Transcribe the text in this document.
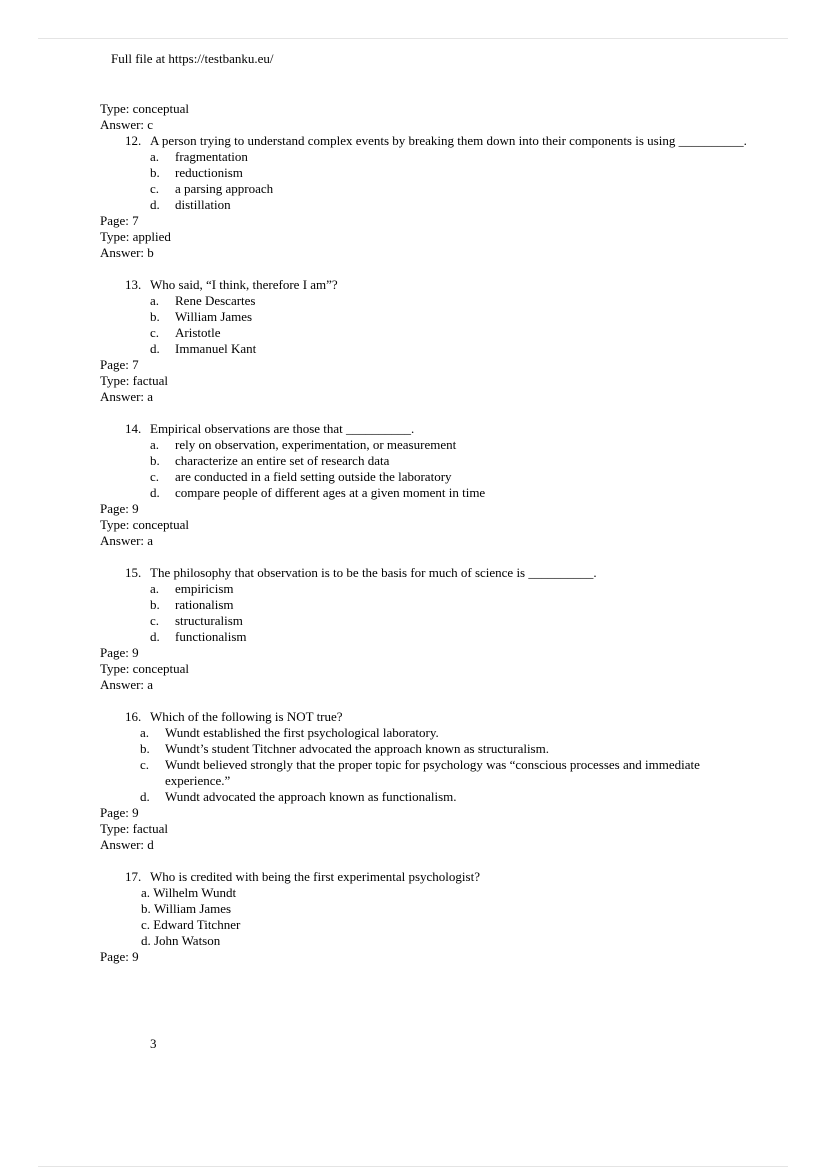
Full file at https://testbanku.eu/
Type: conceptual
Answer: c
12. A person trying to understand complex events by breaking them down into their components is using __________.
a.	fragmentation
b.	reductionism
c.	a parsing approach
d.	distillation
Page: 7
Type: applied
Answer: b
13. Who said, “I think, therefore I am”?
a.	Rene Descartes
b.	William James
c.	Aristotle
d.	Immanuel Kant
Page: 7
Type: factual
Answer: a
14. Empirical observations are those that __________.
a.	rely on observation, experimentation, or measurement
b.	characterize an entire set of research data
c.	are conducted in a field setting outside the laboratory
d.	compare people of different ages at a given moment in time
Page: 9
Type: conceptual
Answer: a
15. The philosophy that observation is to be the basis for much of science is __________.
a.	empiricism
b.	rationalism
c.	structuralism
d.	functionalism
Page: 9
Type: conceptual
Answer: a
16. Which of the following is NOT true?
a.	Wundt established the first psychological laboratory.
b.	Wundt’s student Titchner advocated the approach known as structuralism.
c.	Wundt believed strongly that the proper topic for psychology was “conscious processes and immediate experience.”
d.	Wundt advocated the approach known as functionalism.
Page: 9
Type: factual
Answer: d
17. Who is credited with being the first experimental psychologist?
a.
Wilhelm Wundt
b.
William James
c.
Edward Titchner
d.
John Watson
Page: 9
3
